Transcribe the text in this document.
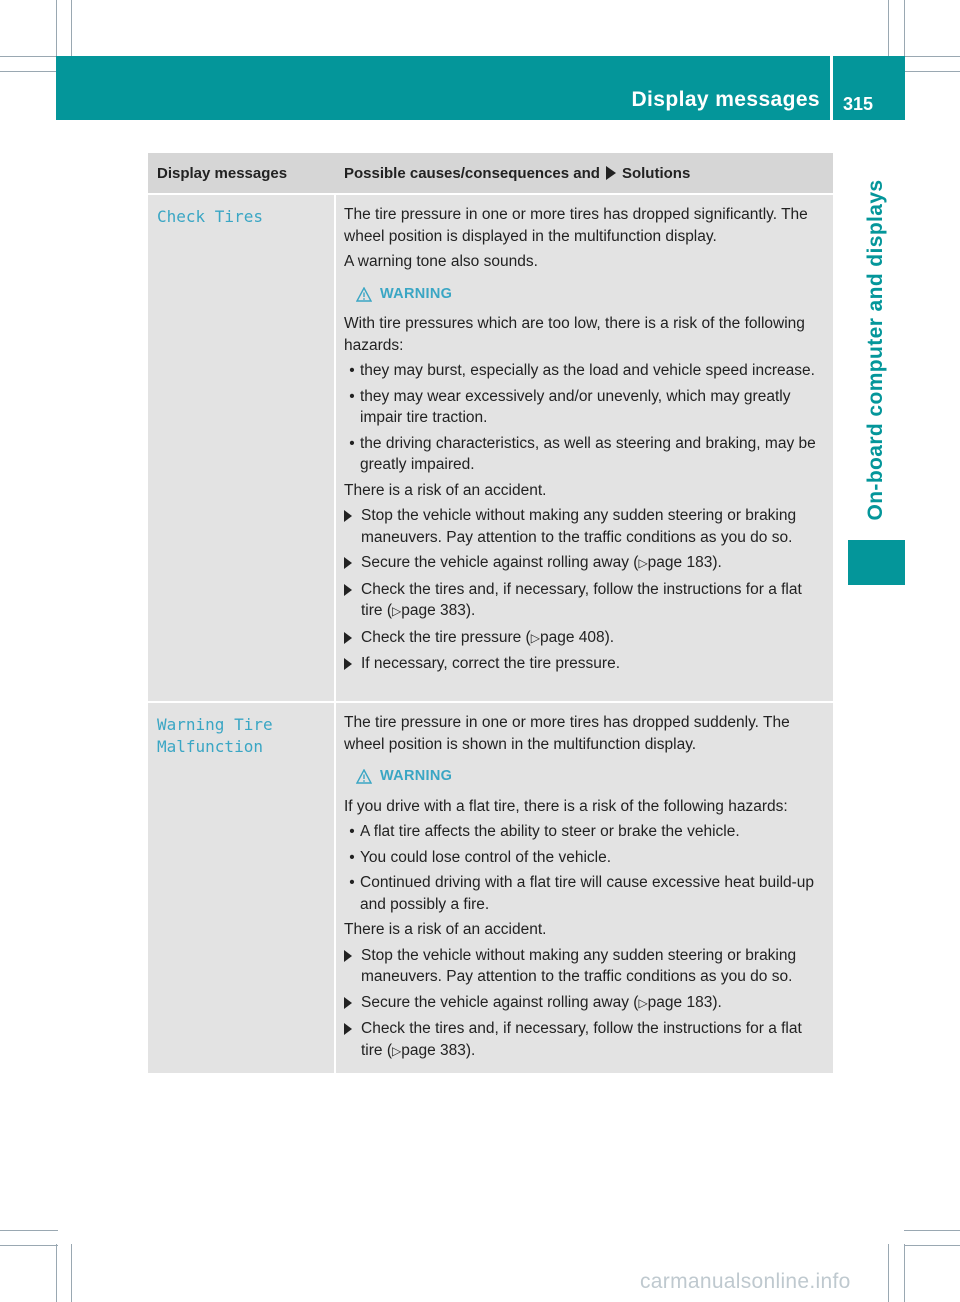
Display messages 315
On-board computer and displays
Display messages	Possible causes/consequences and Solutions
Check Tires	The tire pressure in one or more tires has dropped significantly. The wheel position is displayed in the multifunction display.
A warning tone also sounds.
WARNING
With tire pressures which are too low, there is a risk of the following hazards:
• they may burst, especially as the load and vehicle speed increase.
• they may wear excessively and/or unevenly, which may greatly impair tire traction.
• the driving characteristics, as well as steering and braking, may be greatly impaired.
There is a risk of an accident.
Stop the vehicle without making any sudden steering or braking maneuvers. Pay attention to the traffic conditions as you do so.
Secure the vehicle against rolling away (▷page 183).
Check the tires and, if necessary, follow the instructions for a flat tire (▷page 383).
Check the tire pressure (▷page 408).
If necessary, correct the tire pressure.
Warning Tire
Malfunction
The tire pressure in one or more tires has dropped suddenly. The wheel position is shown in the multifunction display.
WARNING
If you drive with a flat tire, there is a risk of the following hazards:
• A flat tire affects the ability to steer or brake the vehicle.
• You could lose control of the vehicle.
• Continued driving with a flat tire will cause excessive heat build-up and possibly a fire.
There is a risk of an accident.
Stop the vehicle without making any sudden steering or braking maneuvers. Pay attention to the traffic conditions as you do so.
Secure the vehicle against rolling away (▷page 183).
Check the tires and, if necessary, follow the instructions for a flat tire (▷page 383).
carmanualsonline.info
